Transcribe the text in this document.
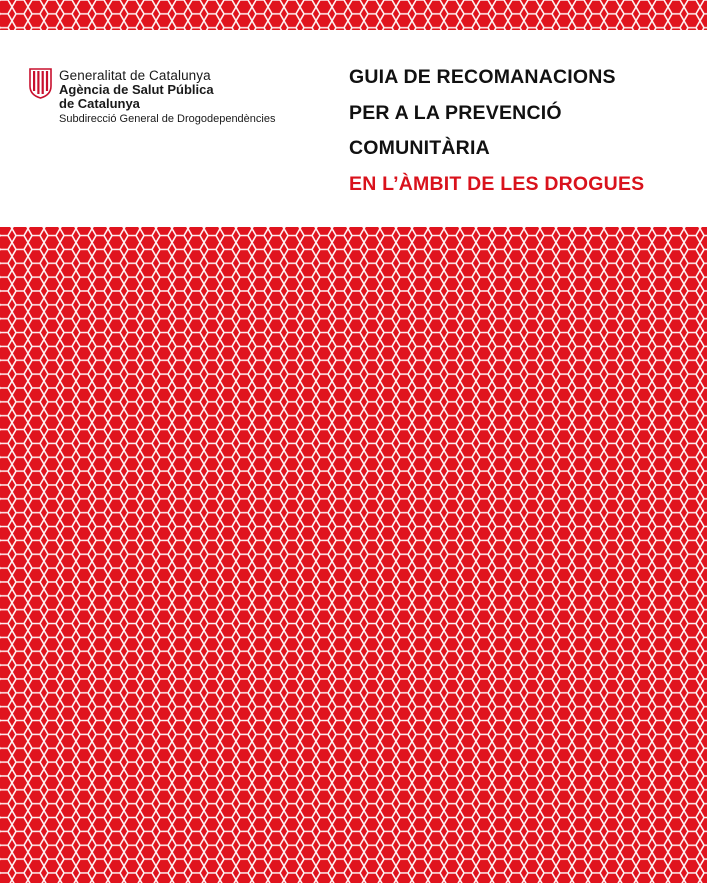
Generalitat de Catalunya
Agència de Salut Pública
de Catalunya
Subdirecció General de Drogodependències
GUIA DE RECOMANACIONS
PER A LA PREVENCIÓ
COMUNITÀRIA
EN L’ÀMBIT DE LES DROGUES
